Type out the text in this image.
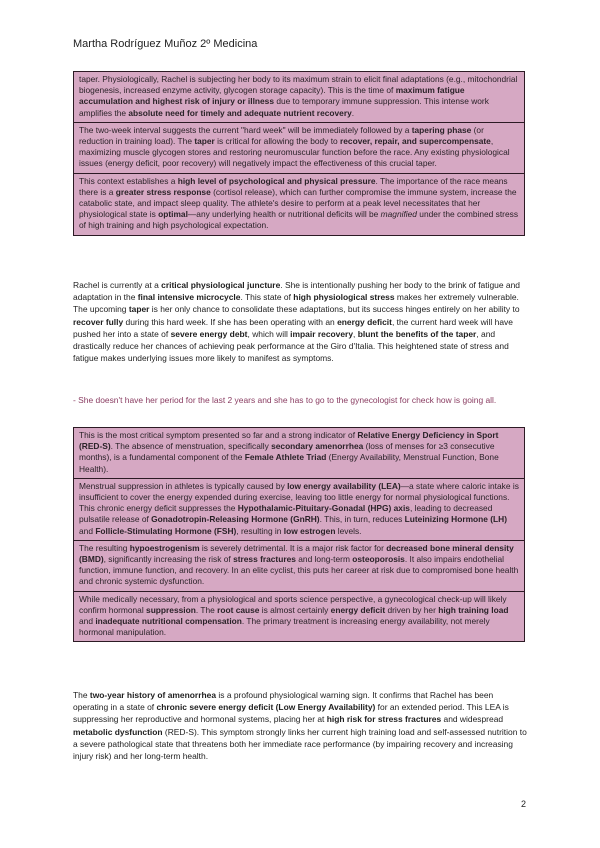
Martha Rodríguez Muñoz 2º Medicina
taper. Physiologically, Rachel is subjecting her body to its maximum strain to elicit final adaptations (e.g., mitochondrial biogenesis, increased enzyme activity, glycogen storage capacity). This is the time of maximum fatigue accumulation and highest risk of injury or illness due to temporary immune suppression. This intense work amplifies the absolute need for timely and adequate nutrient recovery.
The two-week interval suggests the current "hard week" will be immediately followed by a tapering phase (or reduction in training load). The taper is critical for allowing the body to recover, repair, and supercompensate, maximizing muscle glycogen stores and restoring neuromuscular function before the race. Any existing physiological issues (energy deficit, poor recovery) will negatively impact the effectiveness of this crucial taper.
This context establishes a high level of psychological and physical pressure. The importance of the race means there is a greater stress response (cortisol release), which can further compromise the immune system, increase the catabolic state, and impact sleep quality. The athlete's desire to perform at a peak level necessitates that her physiological state is optimal—any underlying health or nutritional deficits will be magnified under the combined stress of high training and high psychological expectation.
Rachel is currently at a critical physiological juncture. She is intentionally pushing her body to the brink of fatigue and adaptation in the final intensive microcycle. This state of high physiological stress makes her extremely vulnerable. The upcoming taper is her only chance to consolidate these adaptations, but its success hinges entirely on her ability to recover fully during this hard week. If she has been operating with an energy deficit, the current hard week will have pushed her into a state of severe energy debt, which will impair recovery, blunt the benefits of the taper, and drastically reduce her chances of achieving peak performance at the Giro d'Italia. This heightened state of stress and fatigue makes underlying issues more likely to manifest as symptoms.
- She doesn't have her period for the last 2 years and she has to go to the gynecologist for check how is going all.
This is the most critical symptom presented so far and a strong indicator of Relative Energy Deficiency in Sport (RED-S). The absence of menstruation, specifically secondary amenorrhea (loss of menses for ≥3 consecutive months), is a fundamental component of the Female Athlete Triad (Energy Availability, Menstrual Function, Bone Health).
Menstrual suppression in athletes is typically caused by low energy availability (LEA)—a state where caloric intake is insufficient to cover the energy expended during exercise, leaving too little energy for normal physiological functions. This chronic energy deficit suppresses the Hypothalamic-Pituitary-Gonadal (HPG) axis, leading to decreased pulsatile release of Gonadotropin-Releasing Hormone (GnRH). This, in turn, reduces Luteinizing Hormone (LH) and Follicle-Stimulating Hormone (FSH), resulting in low estrogen levels.
The resulting hypoestrogenism is severely detrimental. It is a major risk factor for decreased bone mineral density (BMD), significantly increasing the risk of stress fractures and long-term osteoporosis. It also impairs endothelial function, immune function, and recovery. In an elite cyclist, this puts her career at risk due to compromised bone health and chronic systemic dysfunction.
While medically necessary, from a physiological and sports science perspective, a gynecological check-up will likely confirm hormonal suppression. The root cause is almost certainly energy deficit driven by her high training load and inadequate nutritional compensation. The primary treatment is increasing energy availability, not merely hormonal manipulation.
The two-year history of amenorrhea is a profound physiological warning sign. It confirms that Rachel has been operating in a state of chronic severe energy deficit (Low Energy Availability) for an extended period. This LEA is suppressing her reproductive and hormonal systems, placing her at high risk for stress fractures and widespread metabolic dysfunction (RED-S). This symptom strongly links her current high training load and self-assessed nutrition to a severe pathological state that threatens both her immediate race performance (by impairing recovery and increasing injury risk) and her long-term health.
2
